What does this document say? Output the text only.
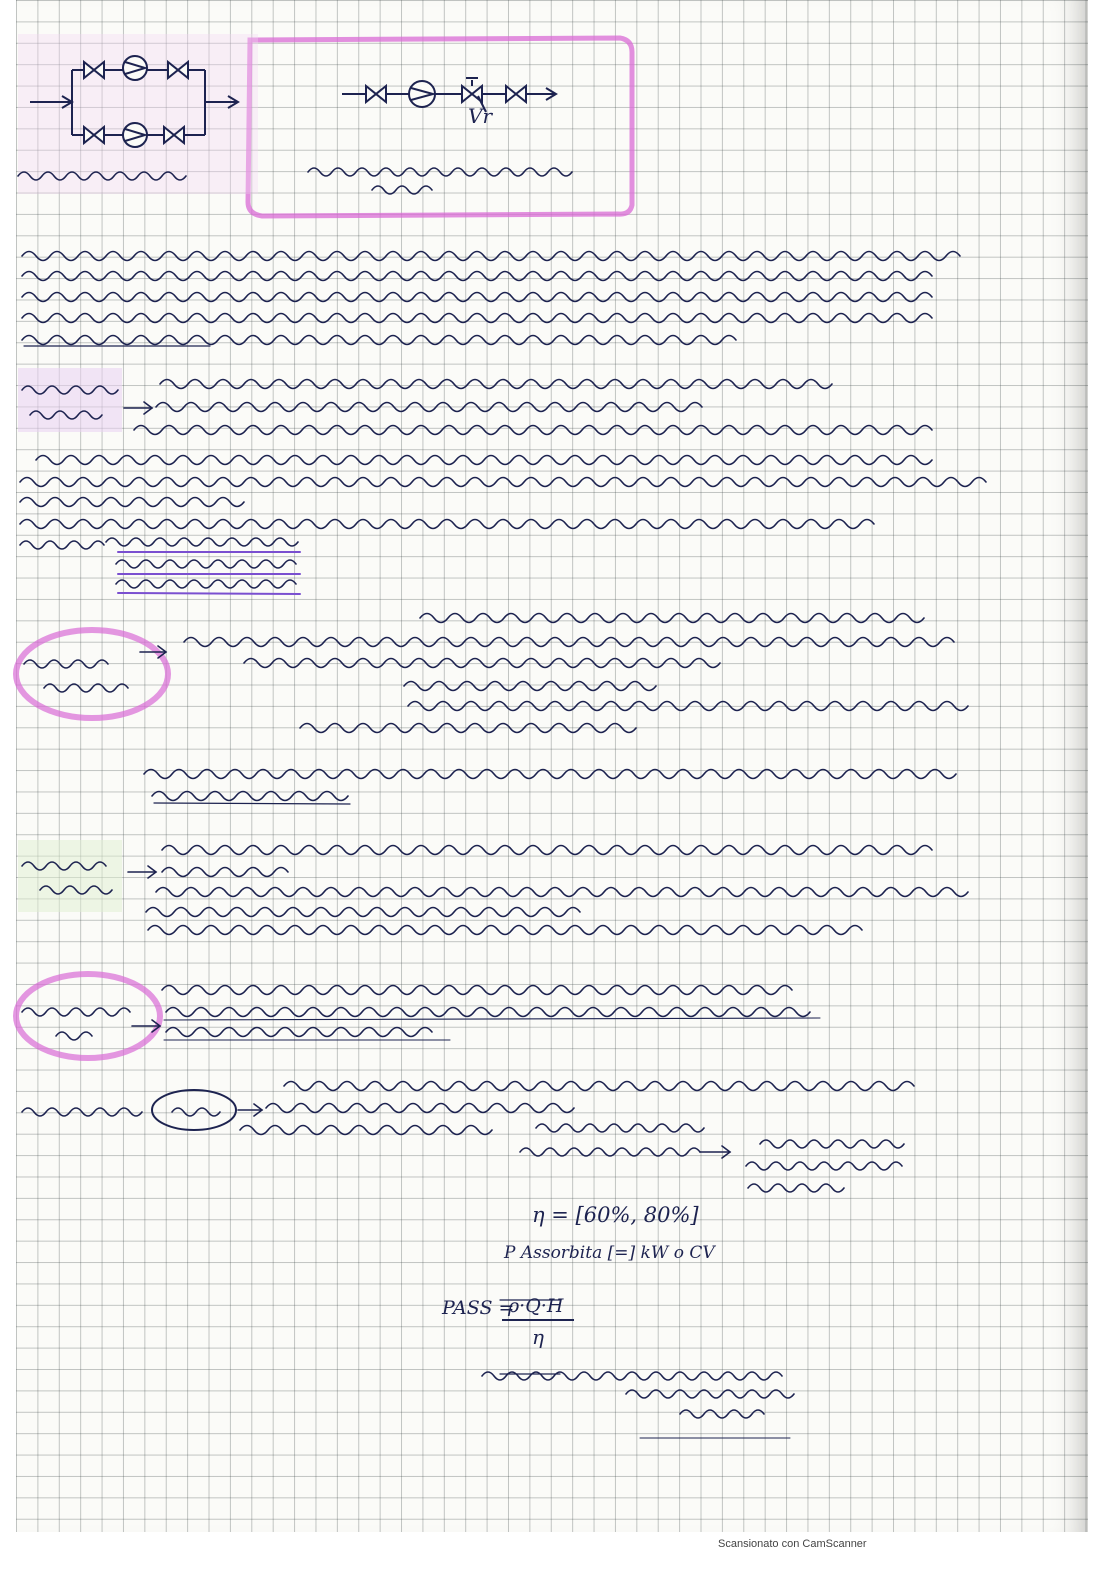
Vr
η = [60%, 80%]
P Assorbita [=] kW o CV
PASS =
ρ·Q·H
η
Scansionato con CamScanner
